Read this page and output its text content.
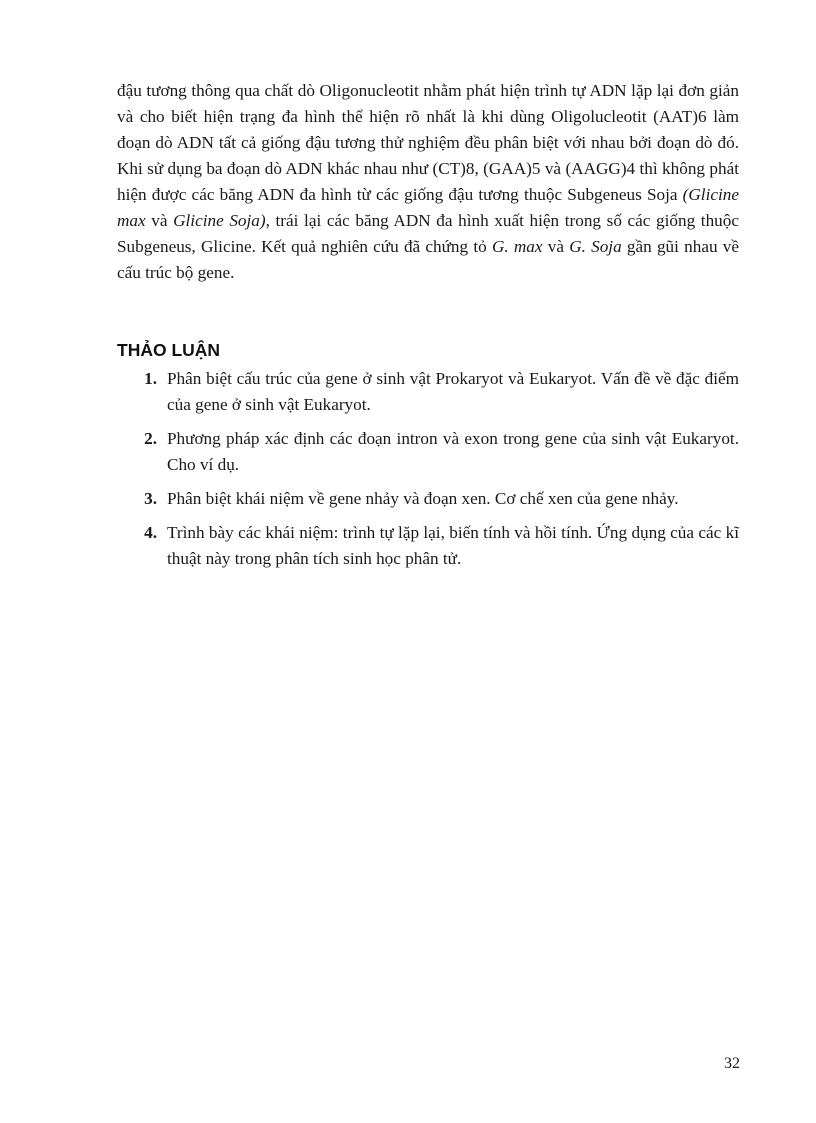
đậu tương thông qua chất dò Oligonucleotit nhằm phát hiện trình tự ADN lặp lại đơn giản và cho biết hiện trạng đa hình thể hiện rõ nhất là khi dùng Oligolucleotit (AAT)6 làm đoạn dò ADN tất cả giống đậu tương thử nghiệm đều phân biệt với nhau bởi đoạn dò đó. Khi sử dụng ba đoạn dò ADN khác nhau như (CT)8, (GAA)5 và (AAGG)4 thì không phát hiện được các băng ADN đa hình từ các giống đậu tương thuộc Subgeneus Soja (Glicine max và Glicine Soja), trái lại các băng ADN đa hình xuất hiện trong số các giống thuộc Subgeneus, Glicine. Kết quả nghiên cứu đã chứng tỏ G. max và G. Soja gần gũi nhau về cấu trúc bộ gene.

THẢO LUẬN
1. Phân biệt cấu trúc của gene ở sinh vật Prokaryot và Eukaryot. Vấn đề về đặc điểm của gene ở sinh vật Eukaryot.
2. Phương pháp xác định các đoạn intron và exon trong gene của sinh vật Eukaryot. Cho ví dụ.
3. Phân biệt khái niệm về gene nhảy và đoạn xen. Cơ chế xen của gene nhảy.
4. Trình bày các khái niệm: trình tự lặp lại, biến tính và hồi tính. Ứng dụng của các kĩ thuật này trong phân tích sinh học phân tử.
32
